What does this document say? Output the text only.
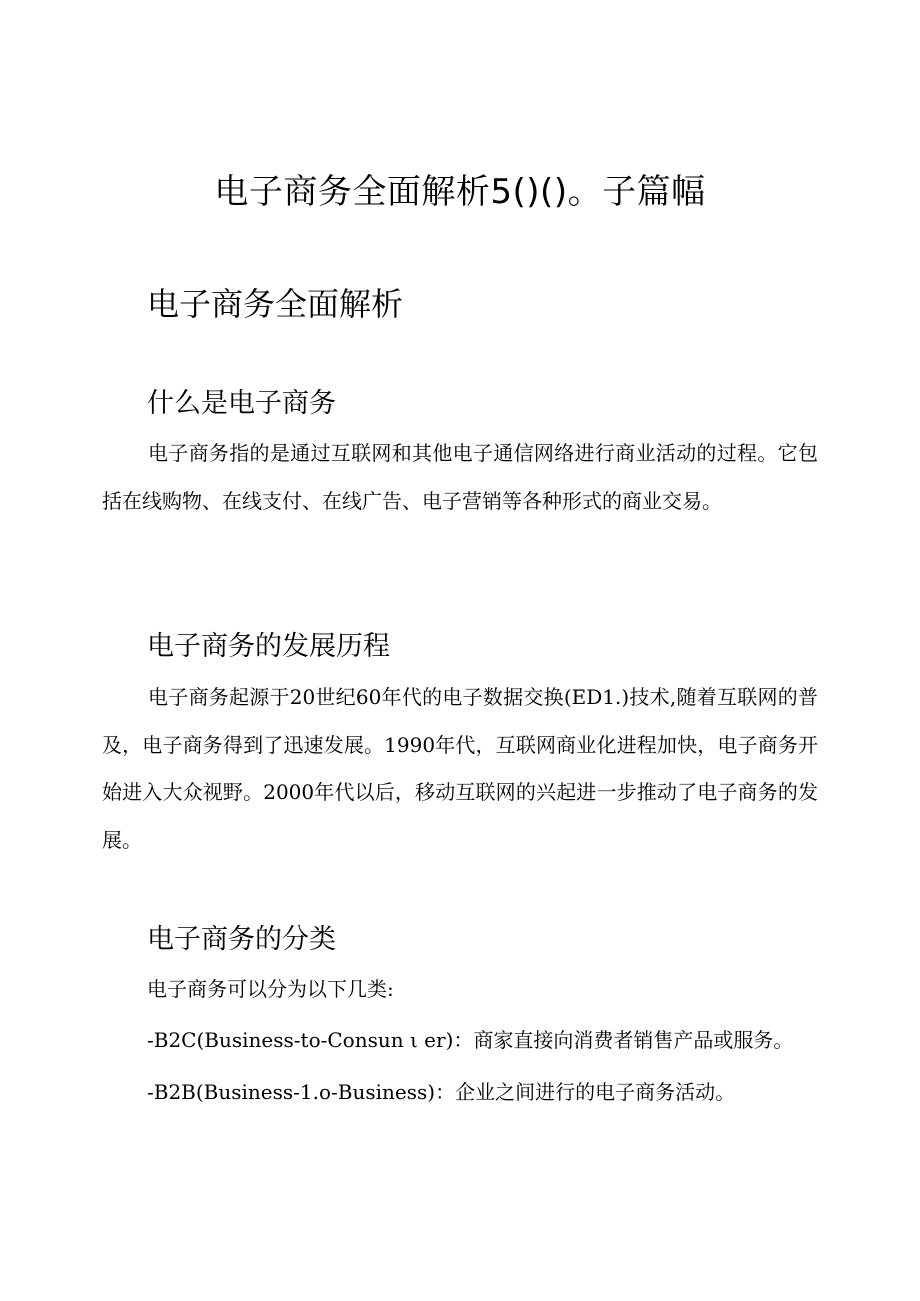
电子商务全面解析5()()。子篇幅
电子商务全面解析
什么是电子商务

电子商务指的是通过互联网和其他电子通信网络进行商业活动的过程。它包括在线购物、在线支付、在线广告、电子营销等各种形式的商业交易。

电子商务的发展历程

电子商务起源于20世纪60年代的电子数据交换(ED1.)技术,随着互联网的普及，电子商务得到了迅速发展。1990年代，互联网商业化进程加快，电子商务开始进入大众视野。2000年代以后，移动互联网的兴起进一步推动了电子商务的发展。

电子商务的分类

电子商务可以分为以下几类:

-B2C(Business-to-Consun ι er)：商家直接向消费者销售产品或服务。

-B2B(Business-1.o-Business)：企业之间进行的电子商务活动。
